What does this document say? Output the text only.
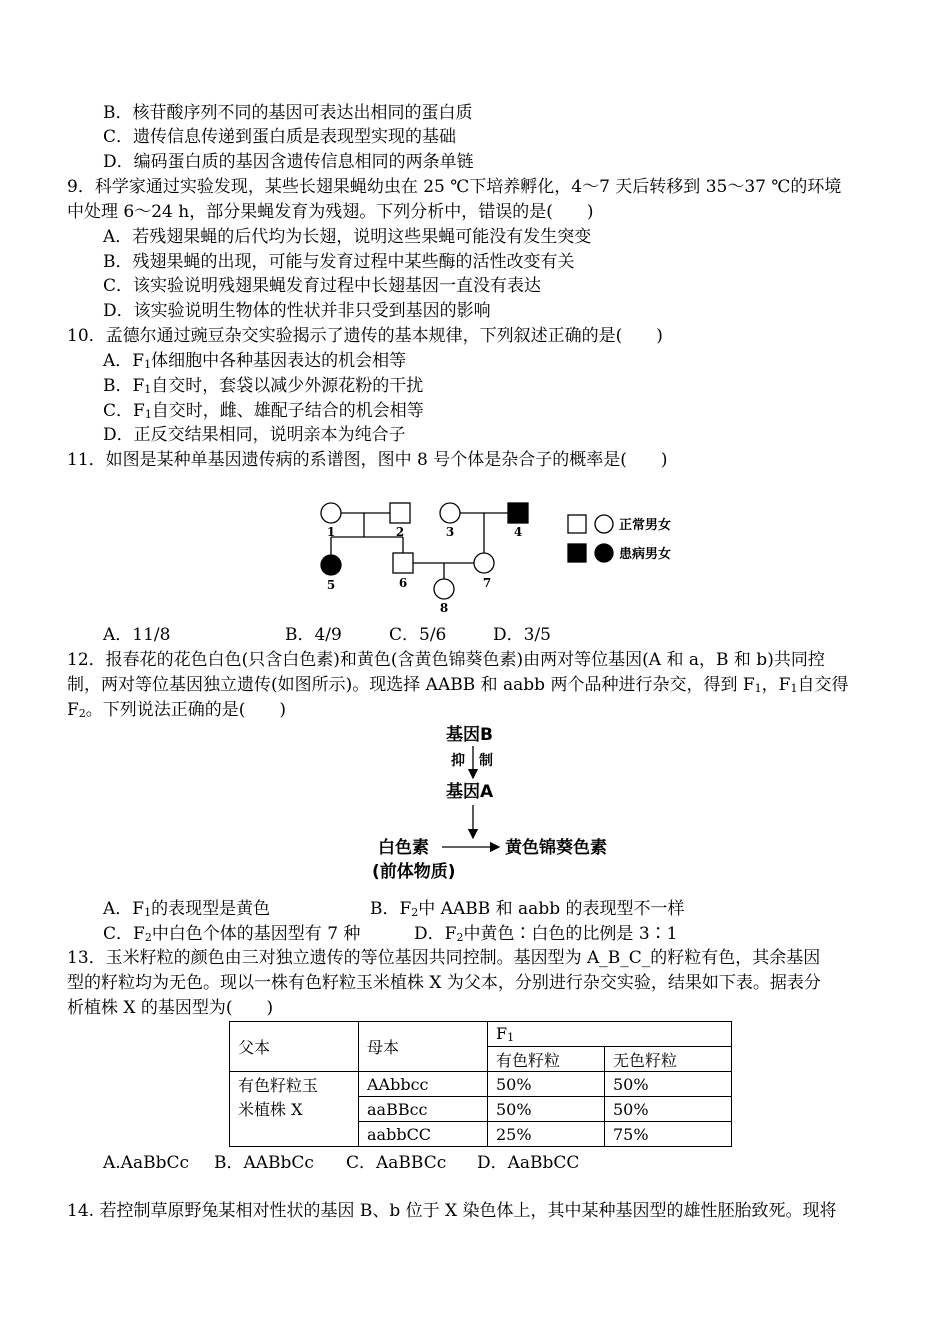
B．核苷酸序列不同的基因可表达出相同的蛋白质
C．遗传信息传递到蛋白质是表现型实现的基础
D．编码蛋白质的基因含遗传信息相同的两条单链
9．科学家通过实验发现，某些长翅果蝇幼虫在 25 ℃下培养孵化，4～7 天后转移到 35～37 ℃的环境
中处理 6～24 h，部分果蝇发育为残翅。下列分析中，错误的是(　　)
A．若残翅果蝇的后代均为长翅，说明这些果蝇可能没有发生突变
B．残翅果蝇的出现，可能与发育过程中某些酶的活性改变有关
C．该实验说明残翅果蝇发育过程中长翅基因一直没有表达
D．该实验说明生物体的性状并非只受到基因的影响
10．孟德尔通过豌豆杂交实验揭示了遗传的基本规律，下列叙述正确的是(　　)
A．$F_1$体细胞中各种基因表达的机会相等
B．$F_1$自交时，套袋以减少外源花粉的干扰
C．$F_1$自交时，雌、雄配子结合的机会相等
D．正反交结果相同，说明亲本为纯合子
11．如图是某种单基因遗传病的系谱图，图中 8 号个体是杂合子的概率是(　　)
1	2	3	4
5	6	7
8
正常男女
患病男女
A．11/8	B．4/9	C．5/6	D．3/5
12．报春花的花色白色(只含白色素)和黄色(含黄色锦葵色素)由两对等位基因(A 和 a，B 和 b)共同控
制，两对等位基因独立遗传(如图所示)。现选择 AABB 和 aabb 两个品种进行杂交，得到 $F_1$，$F_1$自交得
$F_2$。下列说法正确的是(　　)
基因B
抑 制
基因A
白色素
(前体物质)
黄色锦葵色素
A．$F_1$的表现型是黄色	B．$F_2$中 AABB 和 aabb 的表现型不一样
C．$F_2$中白色个体的基因型有 7 种	D．$F_2$中黄色∶白色的比例是 3∶1
13．玉米籽粒的颜色由三对独立遗传的等位基因共同控制。基因型为 A_B_C_的籽粒有色，其余基因
型的籽粒均为无色。现以一株有色籽粒玉米植株 X 为父本，分别进行杂交实验，结果如下表。据表分
析植株 X 的基因型为(　　)
父本	母本	$F_1$
		有色籽粒	无色籽粒
有色籽粒玉
米植株 X	AAbbcc	50%	50%
	aaBBcc	50%	50%
	aabbCC	25%	75%
A.AaBbCc B．AABbCc C．AaBBCc D．AaBbCC
14. 若控制草原野兔某相对性状的基因 B、b 位于 X 染色体上，其中某种基因型的雄性胚胎致死。现将
